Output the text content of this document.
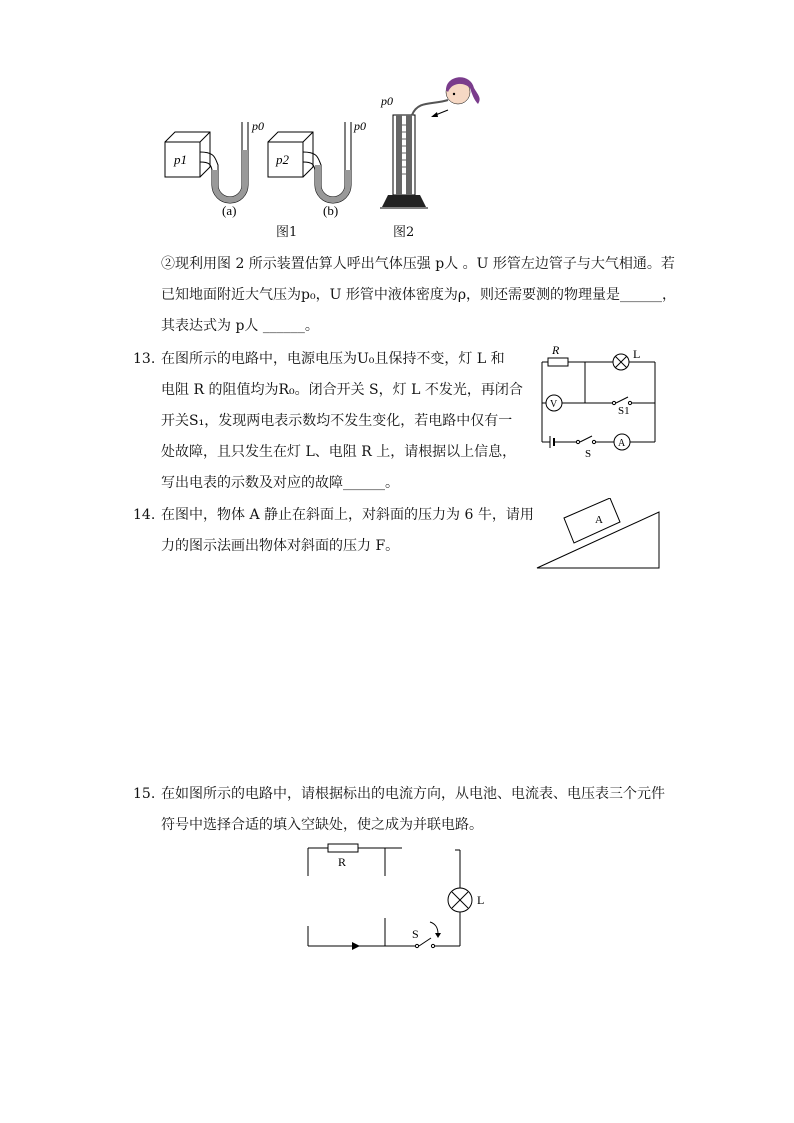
p1
p0
(a)
p2
p0
(b)
图1
p0
图2
②现利用图 2 所示装置估算人呼出气体压强 p人 。U 形管左边管子与大气相通。若
已知地面附近大气压为p₀，U 形管中液体密度为ρ，则还需要测的物理量是______，
其表达式为 p人 ______。
13. 在图所示的电路中，电源电压为U₀且保持不变，灯 L 和
电阻 R 的阻值均为R₀。闭合开关 S，灯 L 不发光，再闭合
开关S₁，发现两电表示数均不发生变化，若电路中仅有一
处故障，且只发生在灯 L、电阻 R 上，请根据以上信息，
写出电表的示数及对应的故障______。
R	L
V
S1
S
A
14. 在图中，物体 A 静止在斜面上，对斜面的压力为 6 牛，请用
力的图示法画出物体对斜面的压力 F。
A
15. 在如图所示的电路中，请根据标出的电流方向，从电池、电流表、电压表三个元件
符号中选择合适的填入空缺处，使之成为并联电路。
R
L
S
